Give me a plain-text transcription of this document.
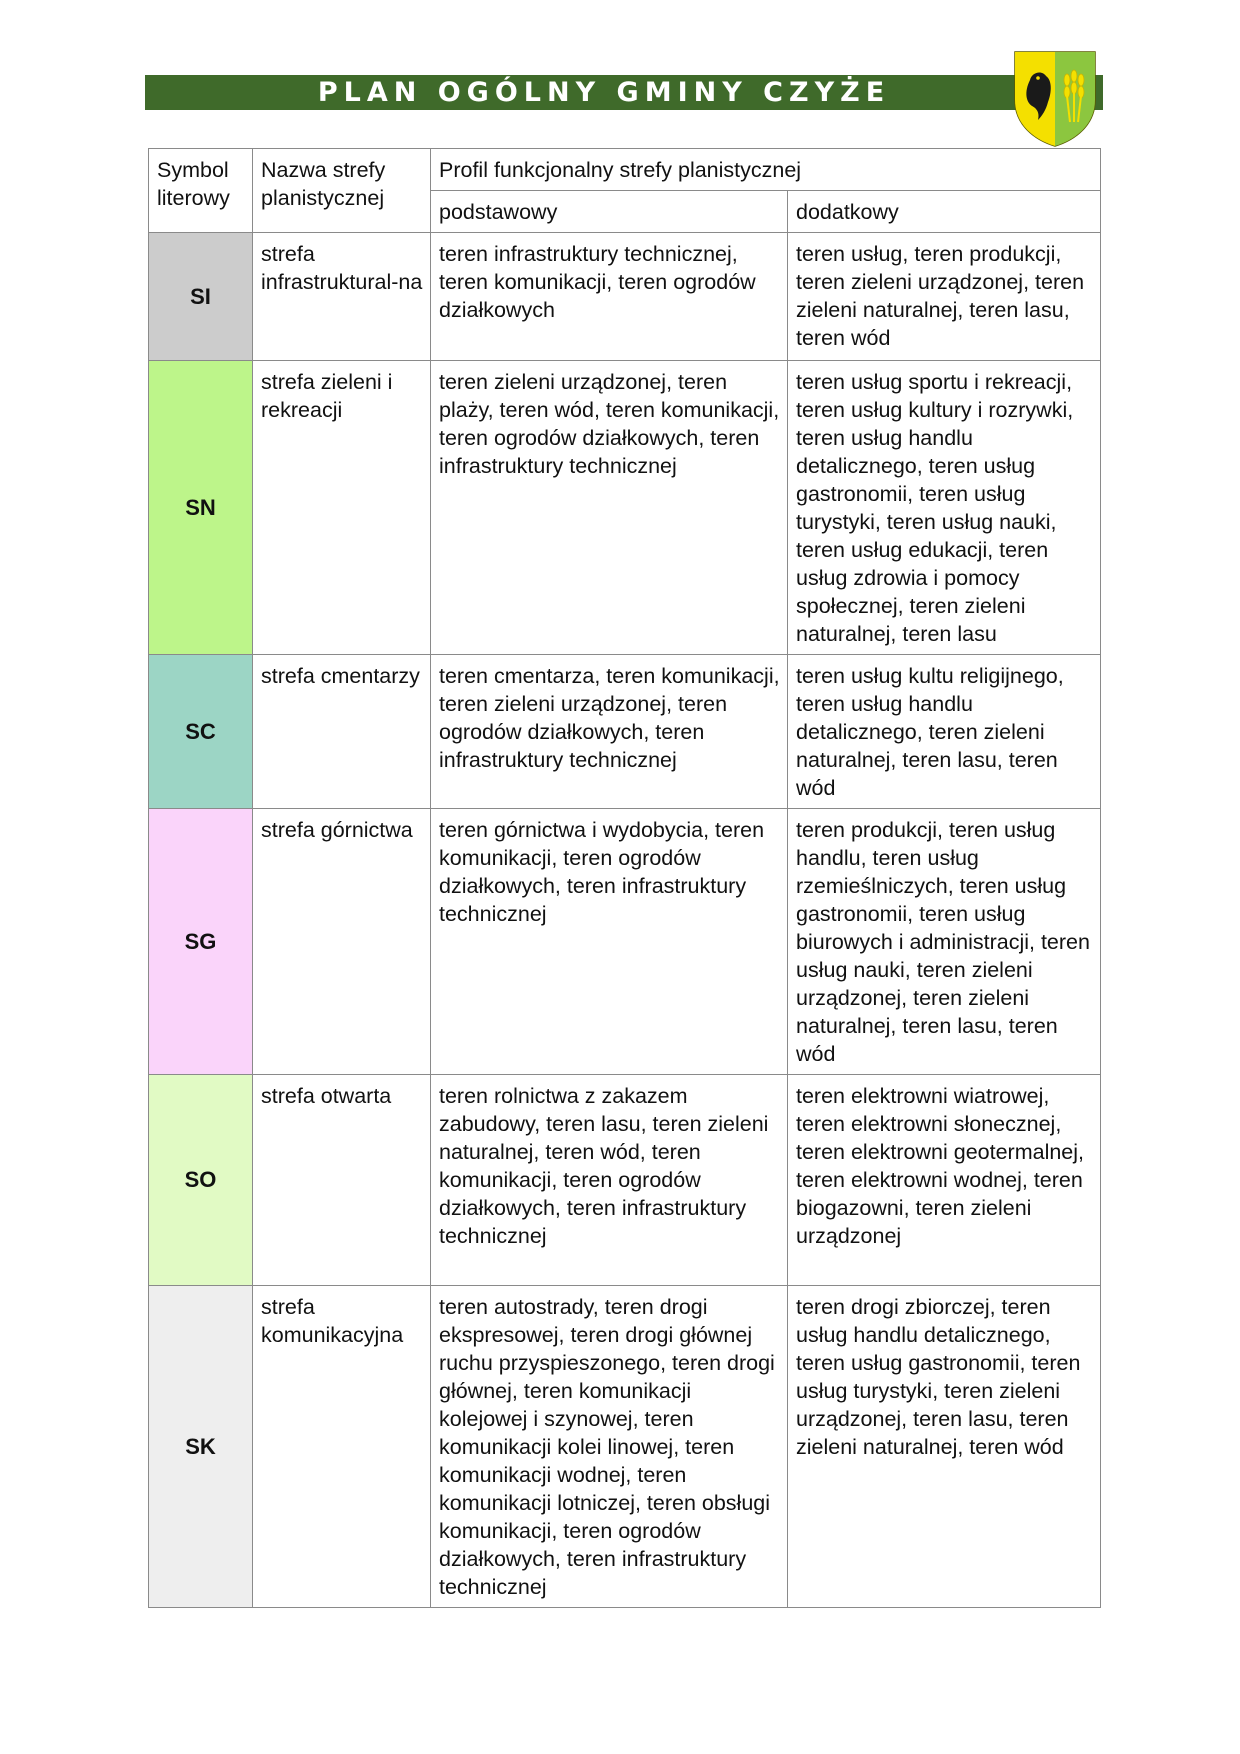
PLAN OGÓLNY GMINY CZYŻE
Symbol literowy	Nazwa strefy planistycznej	Profil funkcjonalny strefy planistycznej	
		podstawowy	dodatkowy
SI	strefa infrastruktural-na	teren infrastruktury technicznej, teren komunikacji, teren ogrodów działkowych	teren usług, teren produkcji, teren zieleni urządzonej, teren zieleni naturalnej, teren lasu, teren wód
SN	strefa zieleni i rekreacji	teren zieleni urządzonej, teren plaży, teren wód, teren komunikacji, teren ogrodów działkowych, teren infrastruktury technicznej	teren usług sportu i rekreacji, teren usług kultury i rozrywki, teren usług handlu detalicznego, teren usług gastronomii, teren usług turystyki, teren usług nauki, teren usług edukacji, teren usług zdrowia i pomocy społecznej, teren zieleni naturalnej, teren lasu
SC	strefa cmentarzy	teren cmentarza, teren komunikacji, teren zieleni urządzonej, teren ogrodów działkowych, teren infrastruktury technicznej	teren usług kultu religijnego, teren usług handlu detalicznego, teren zieleni naturalnej, teren lasu, teren wód
SG	strefa górnictwa	teren górnictwa i wydobycia, teren komunikacji, teren ogrodów działkowych, teren infrastruktury technicznej	teren produkcji, teren usług handlu, teren usług rzemieślniczych, teren usług gastronomii, teren usług biurowych i administracji, teren usług nauki, teren zieleni urządzonej, teren zieleni naturalnej, teren lasu, teren wód
SO	strefa otwarta	teren rolnictwa z zakazem zabudowy, teren lasu, teren zieleni naturalnej, teren wód, teren komunikacji, teren ogrodów działkowych, teren infrastruktury technicznej	teren elektrowni wiatrowej, teren elektrowni słonecznej, teren elektrowni geotermalnej, teren elektrowni wodnej, teren biogazowni, teren zieleni urządzonej
SK	strefa komunikacyjna	teren autostrady, teren drogi ekspresowej, teren drogi głównej ruchu przyspieszonego, teren drogi głównej, teren komunikacji kolejowej i szynowej, teren komunikacji kolei linowej, teren komunikacji wodnej, teren komunikacji lotniczej, teren obsługi komunikacji, teren ogrodów działkowych, teren infrastruktury technicznej	teren drogi zbiorczej, teren usług handlu detalicznego, teren usług gastronomii, teren usług turystyki, teren zieleni urządzonej, teren lasu, teren zieleni naturalnej, teren wód
